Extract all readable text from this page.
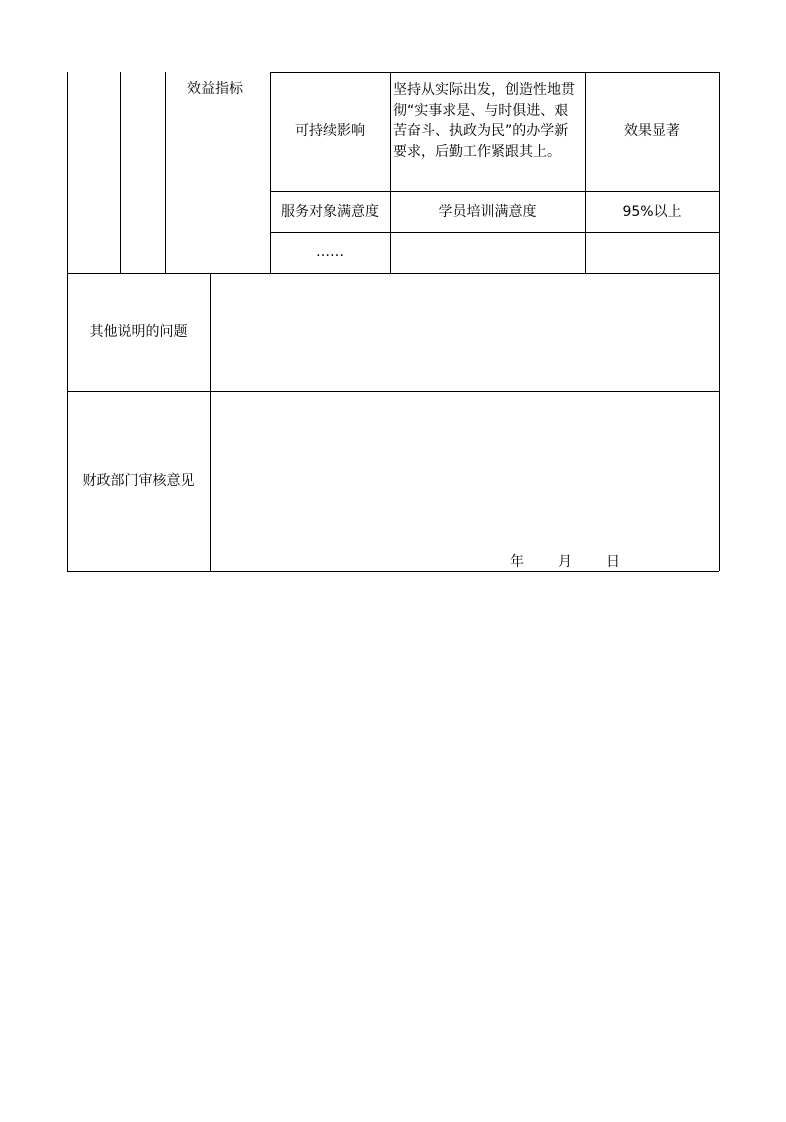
效益指标
可持续影响
坚持从实际出发，创造性地贯彻“实事求是、与时俱进、艰苦奋斗、执政为民”的办学新要求，后勤工作紧跟其上。
效果显著
服务对象满意度	学员培训满意度	95%以上
……
其他说明的问题
财政部门审核意见
年 月 日
